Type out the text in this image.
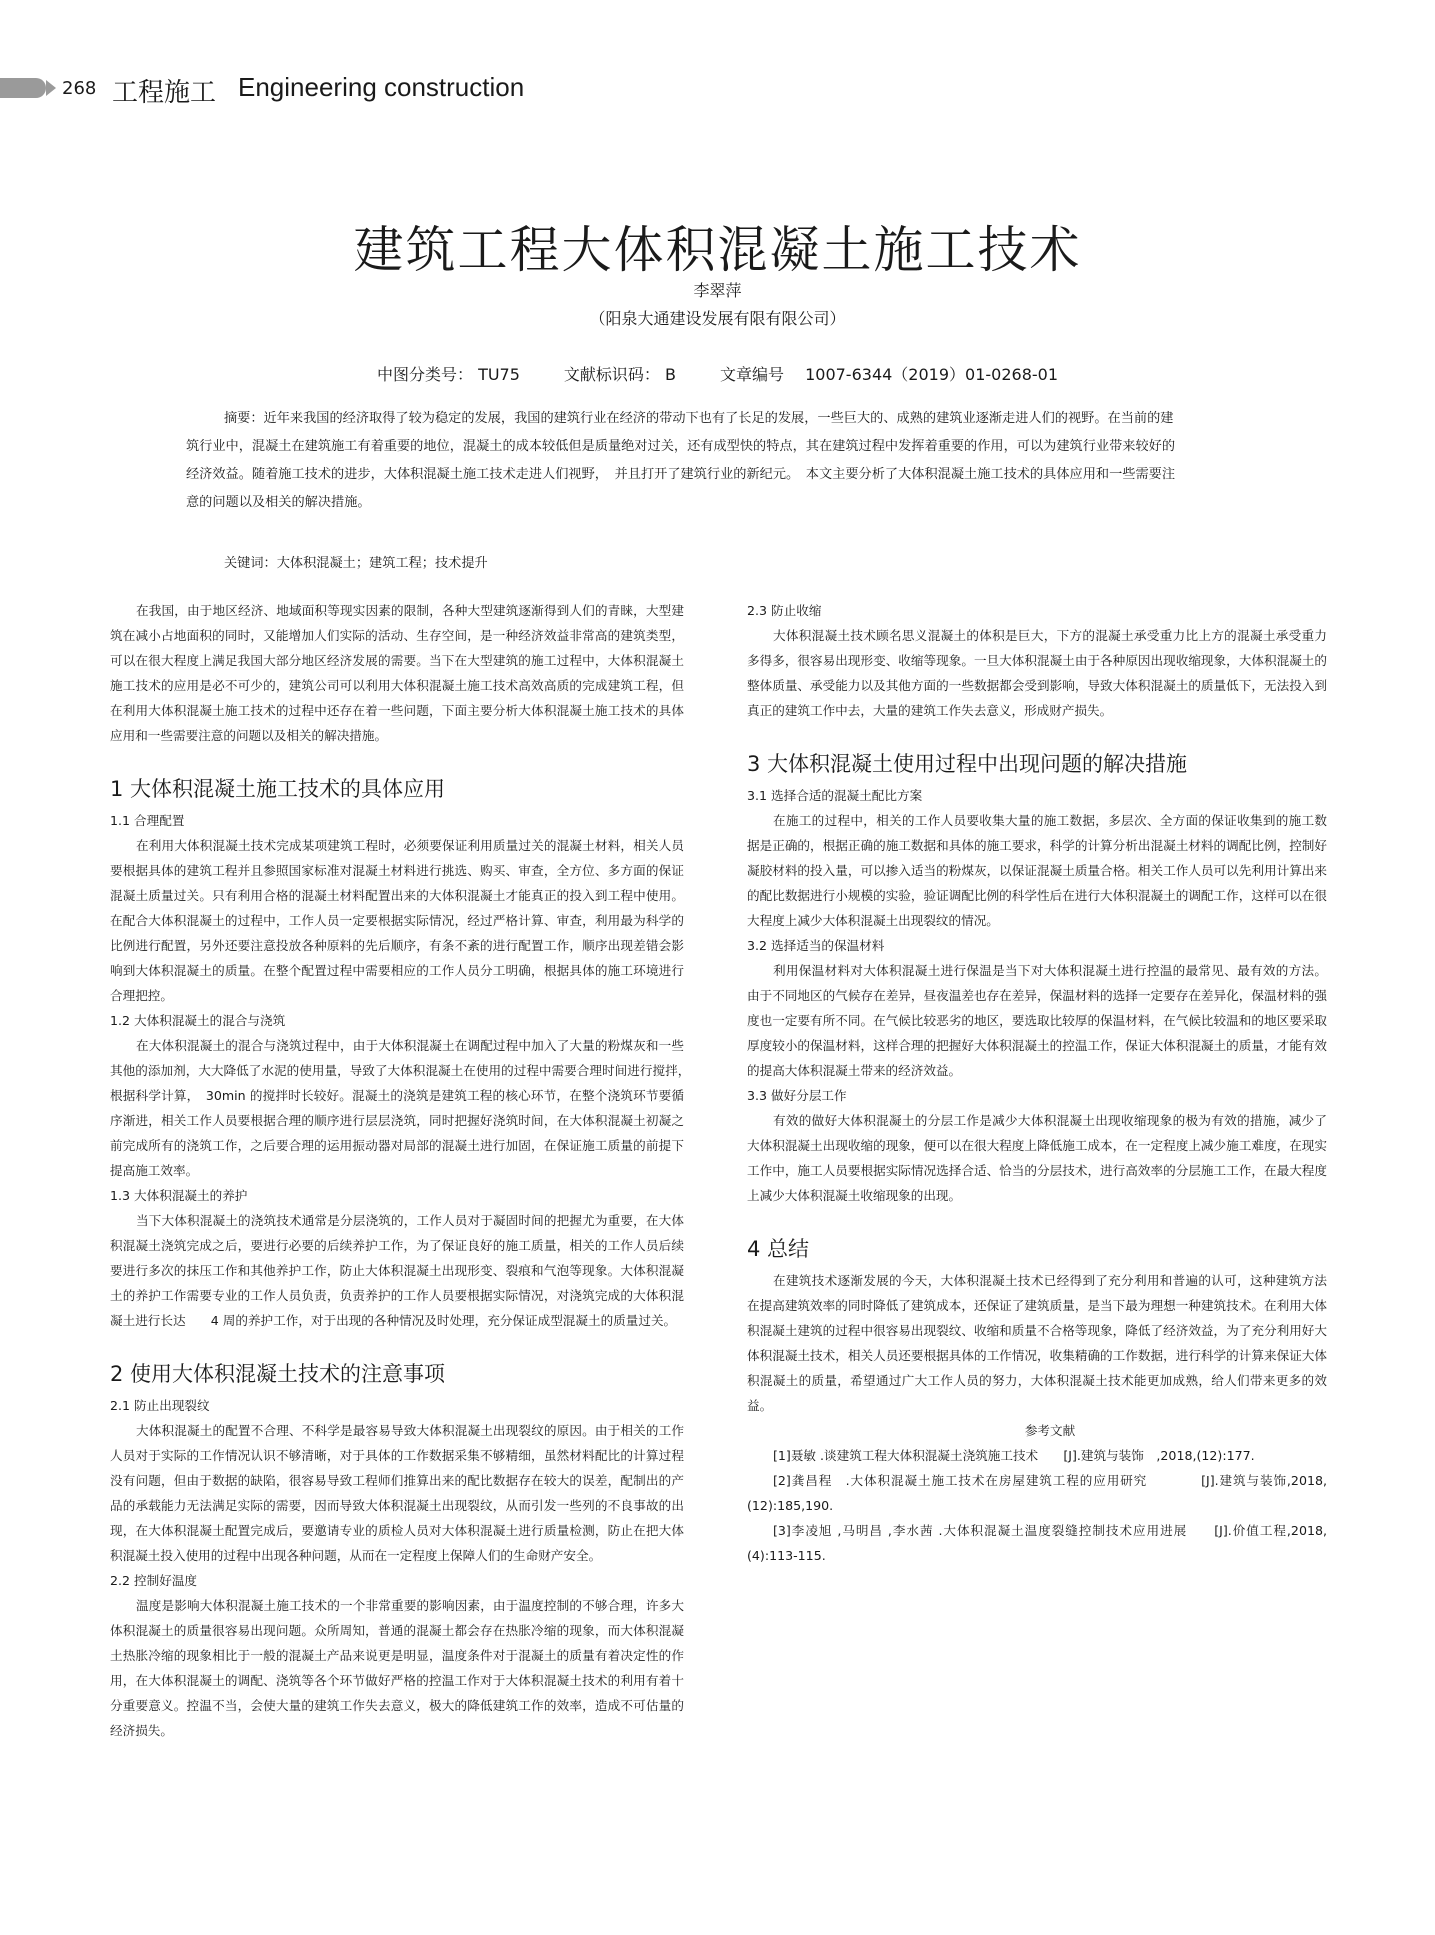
268 工程施工 Engineering construction
建筑工程大体积混凝土施工技术
李翠萍
（阳泉大通建设发展有限有限公司）
中图分类号： TU75	文献标识码： B	文章编号　 1007-6344（2019）01-0268-01

摘要：近年来我国的经济取得了较为稳定的发展，我国的建筑行业在经济的带动下也有了长足的发展，一些巨大的、成熟的建筑业逐渐走进人们的视野。在当前的建筑行业中，混凝土在建筑施工有着重要的地位，混凝土的成本较低但是质量绝对过关，还有成型快的特点，其在建筑过程中发挥着重要的作用，可以为建筑行业带来较好的经济效益。随着施工技术的进步，大体积混凝土施工技术走进人们视野，　并且打开了建筑行业的新纪元。　本文主要分析了大体积混凝土施工技术的具体应用和一些需要注意的问题以及相关的解决措施。

关键词：大体积混凝土；建筑工程；技术提升

在我国，由于地区经济、地域面积等现实因素的限制，各种大型建筑逐渐得到人们的青睐，大型建筑在减小占地面积的同时，又能增加人们实际的活动、生存空间，是一种经济效益非常高的建筑类型，可以在很大程度上满足我国大部分地区经济发展的需要。当下在大型建筑的施工过程中，大体积混凝土施工技术的应用是必不可少的，建筑公司可以利用大体积混凝土施工技术高效高质的完成建筑工程，但在利用大体积混凝土施工技术的过程中还存在着一些问题，下面主要分析大体积混凝土施工技术的具体应用和一些需要注意的问题以及相关的解决措施。

1 大体积混凝土施工技术的具体应用
1.1 合理配置

在利用大体积混凝土技术完成某项建筑工程时，必须要保证利用质量过关的混凝土材料，相关人员要根据具体的建筑工程并且参照国家标准对混凝土材料进行挑选、购买、审查，全方位、多方面的保证混凝土质量过关。只有利用合格的混凝土材料配置出来的大体积混凝土才能真正的投入到工程中使用。在配合大体积混凝土的过程中，工作人员一定要根据实际情况，经过严格计算、审查，利用最为科学的比例进行配置，另外还要注意投放各种原料的先后顺序，有条不紊的进行配置工作，顺序出现差错会影响到大体积混凝土的质量。在整个配置过程中需要相应的工作人员分工明确，根据具体的施工环境进行合理把控。

1.2 大体积混凝土的混合与浇筑

在大体积混凝土的混合与浇筑过程中，由于大体积混凝土在调配过程中加入了大量的粉煤灰和一些其他的添加剂，大大降低了水泥的使用量，导致了大体积混凝土在使用的过程中需要合理时间进行搅拌，　　根据科学计算，　30min 的搅拌时长较好。混凝土的浇筑是建筑工程的核心环节，在整个浇筑环节要循序渐进，相关工作人员要根据合理的顺序进行层层浇筑，同时把握好浇筑时间，在大体积混凝土初凝之前完成所有的浇筑工作，之后要合理的运用振动器对局部的混凝土进行加固，在保证施工质量的前提下提高施工效率。

1.3 大体积混凝土的养护

当下大体积混凝土的浇筑技术通常是分层浇筑的，工作人员对于凝固时间的把握尤为重要，在大体积混凝土浇筑完成之后，要进行必要的后续养护工作，为了保证良好的施工质量，相关的工作人员后续要进行多次的抹压工作和其他养护工作，防止大体积混凝土出现形变、裂痕和气泡等现象。大体积混凝土的养护工作需要专业的工作人员负责，负责养护的工作人员要根据实际情况，对浇筑完成的大体积混凝土进行长达　　4 周的养护工作，对于出现的各种情况及时处理，充分保证成型混凝土的质量过关。

2 使用大体积混凝土技术的注意事项
2.1 防止出现裂纹

大体积混凝土的配置不合理、不科学是最容易导致大体积混凝土出现裂纹的原因。由于相关的工作人员对于实际的工作情况认识不够清晰，对于具体的工作数据采集不够精细，虽然材料配比的计算过程没有问题，但由于数据的缺陷，很容易导致工程师们推算出来的配比数据存在较大的误差，配制出的产品的承载能力无法满足实际的需要，因而导致大体积混凝土出现裂纹，从而引发一些列的不良事故的出现，在大体积混凝土配置完成后，要邀请专业的质检人员对大体积混凝土进行质量检测，防止在把大体积混凝土投入使用的过程中出现各种问题，从而在一定程度上保障人们的生命财产安全。

2.2 控制好温度

温度是影响大体积混凝土施工技术的一个非常重要的影响因素，由于温度控制的不够合理，许多大体积混凝土的质量很容易出现问题。众所周知，普通的混凝土都会存在热胀冷缩的现象，而大体积混凝土热胀冷缩的现象相比于一般的混凝土产品来说更是明显，温度条件对于混凝土的质量有着决定性的作用，在大体积混凝土的调配、浇筑等各个环节做好严格的控温工作对于大体积混凝土技术的利用有着十分重要意义。控温不当，会使大量的建筑工作失去意义，极大的降低建筑工作的效率，造成不可估量的经济损失。

2.3 防止收缩

大体积混凝土技术顾名思义混凝土的体积是巨大，下方的混凝土承受重力比上方的混凝土承受重力多得多，很容易出现形变、收缩等现象。一旦大体积混凝土由于各种原因出现收缩现象，大体积混凝土的整体质量、承受能力以及其他方面的一些数据都会受到影响，导致大体积混凝土的质量低下，无法投入到真正的建筑工作中去，大量的建筑工作失去意义，形成财产损失。

3 大体积混凝土使用过程中出现问题的解决措施
3.1 选择合适的混凝土配比方案

在施工的过程中，相关的工作人员要收集大量的施工数据，多层次、全方面的保证收集到的施工数据是正确的，根据正确的施工数据和具体的施工要求，科学的计算分析出混凝土材料的调配比例，控制好凝胶材料的投入量，可以掺入适当的粉煤灰，以保证混凝土质量合格。相关工作人员可以先利用计算出来的配比数据进行小规模的实验，验证调配比例的科学性后在进行大体积混凝土的调配工作，这样可以在很大程度上减少大体积混凝土出现裂纹的情况。

3.2 选择适当的保温材料

利用保温材料对大体积混凝土进行保温是当下对大体积混凝土进行控温的最常见、最有效的方法。由于不同地区的气候存在差异，昼夜温差也存在差异，保温材料的选择一定要存在差异化，保温材料的强度也一定要有所不同。在气候比较恶劣的地区，要选取比较厚的保温材料，在气候比较温和的地区要采取厚度较小的保温材料，这样合理的把握好大体积混凝土的控温工作，保证大体积混凝土的质量，才能有效的提高大体积混凝土带来的经济效益。

3.3 做好分层工作

有效的做好大体积混凝土的分层工作是减少大体积混凝土出现收缩现象的极为有效的措施，减少了大体积混凝土出现收缩的现象，便可以在很大程度上降低施工成本，在一定程度上减少施工难度，在现实工作中，施工人员要根据实际情况选择合适、恰当的分层技术，进行高效率的分层施工工作，在最大程度上减少大体积混凝土收缩现象的出现。

4 总结

在建筑技术逐渐发展的今天，大体积混凝土技术已经得到了充分利用和普遍的认可，这种建筑方法在提高建筑效率的同时降低了建筑成本，还保证了建筑质量，是当下最为理想一种建筑技术。在利用大体积混凝土建筑的过程中很容易出现裂纹、收缩和质量不合格等现象，降低了经济效益，为了充分利用好大体积混凝土技术，相关人员还要根据具体的工作情况，收集精确的工作数据，进行科学的计算来保证大体积混凝土的质量，希望通过广大工作人员的努力，大体积混凝土技术能更加成熟，给人们带来更多的效益。

参考文献

[1]聂敏 .谈建筑工程大体积混凝土浇筑施工技术　　[J].建筑与装饰　,2018,(12):177.

[2]龚昌程　.大体积混凝土施工技术在房屋建筑工程的应用研究　　　　[J].建筑与装饰,2018,(12):185,190.

[3]李凌旭 ,马明昌 ,李水茜 .大体积混凝土温度裂缝控制技术应用进展　　[J].价值工程,2018,(4):113-115.
